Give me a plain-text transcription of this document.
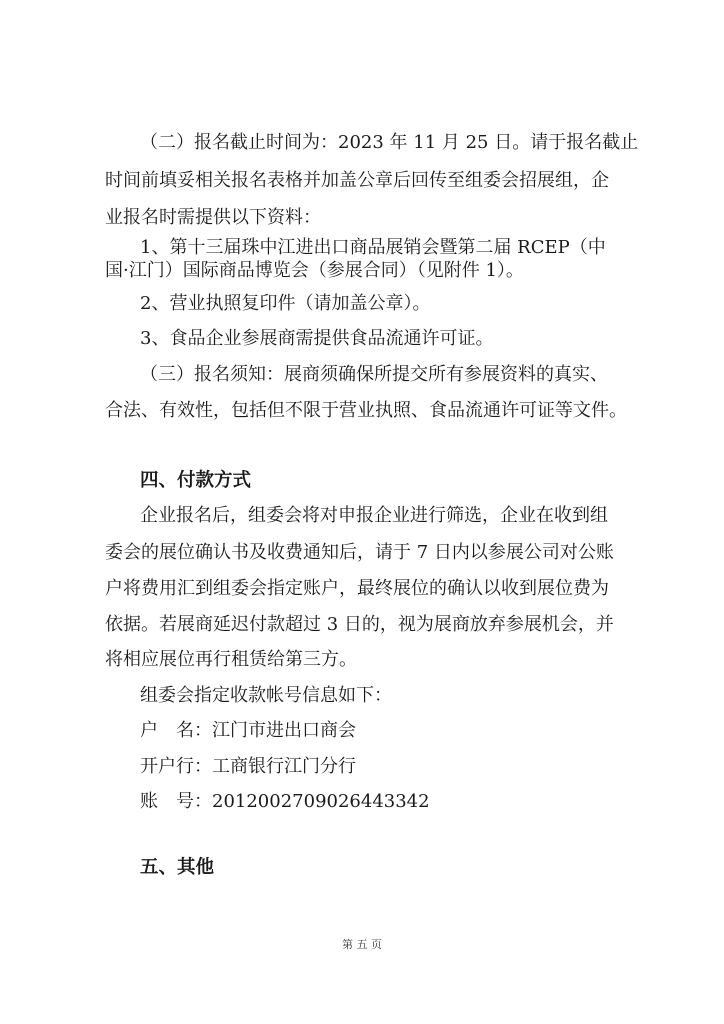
（二）报名截止时间为：2023 年 11 月 25 日。请于报名截止
时间前填妥相关报名表格并加盖公章后回传至组委会招展组，企
业报名时需提供以下资料：
1、第十三届珠中江进出口商品展销会暨第二届 RCEP（中
国·江门）国际商品博览会（参展合同）（见附件 1）。
2、营业执照复印件（请加盖公章）。
3、食品企业参展商需提供食品流通许可证。
（三）报名须知：展商须确保所提交所有参展资料的真实、
合法、有效性，包括但不限于营业执照、食品流通许可证等文件。
四、付款方式
企业报名后，组委会将对申报企业进行筛选，企业在收到组
委会的展位确认书及收费通知后，请于 7 日内以参展公司对公账
户将费用汇到组委会指定账户，最终展位的确认以收到展位费为
依据。若展商延迟付款超过 3 日的，视为展商放弃参展机会，并
将相应展位再行租赁给第三方。
组委会指定收款帐号信息如下：
户　名：江门市进出口商会
开户行：工商银行江门分行
账　号：2012002709026443342
五、其他
第 五 页
